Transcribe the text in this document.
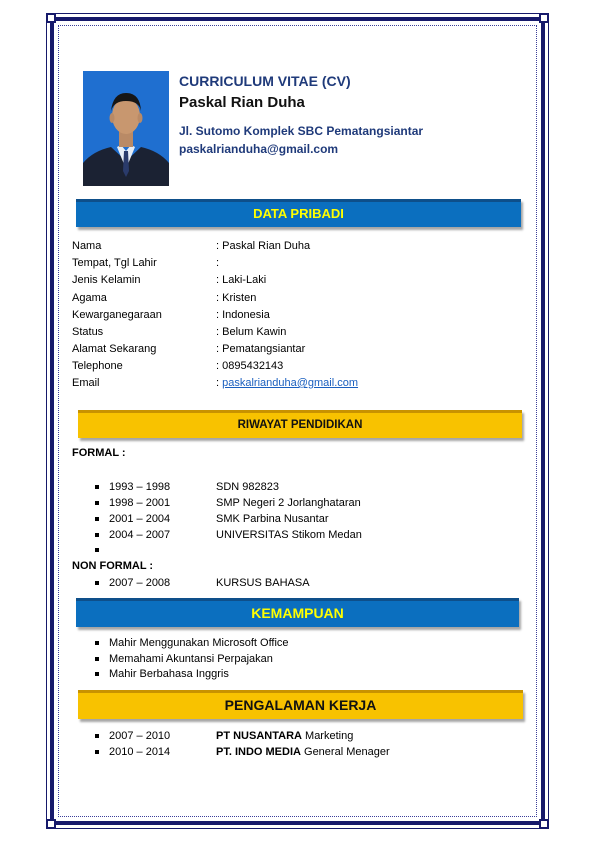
CURRICULUM VITAE (CV)
Paskal Rian Duha
Jl. Sutomo Komplek SBC Pematangsiantar
paskalrianduha@gmail.com
DATA PRIBADI
Nama	: Paskal Rian Duha
Tempat, Tgl Lahir	:
Jenis Kelamin	: Laki-Laki
Agama	: Kristen
Kewarganegaraan	: Indonesia
Status	: Belum Kawin
Alamat Sekarang	: Pematangsiantar
Telephone	: 0895432143
Email	: paskalrianduha@gmail.com
RIWAYAT PENDIDIKAN
FORMAL :
1993 – 1998	SDN 982823
1998 – 2001	SMP Negeri 2 Jorlanghataran
2001 – 2004	SMK Parbina Nusantar
2004 – 2007	UNIVERSITAS Stikom Medan
NON FORMAL :
2007 – 2008	KURSUS BAHASA
KEMAMPUAN
Mahir Menggunakan Microsoft Office
Memahami Akuntansi Perpajakan
Mahir Berbahasa Inggris
PENGALAMAN KERJA
2007 – 2010	PT NUSANTARA Marketing
2010 – 2014	PT. INDO MEDIA General Menager
